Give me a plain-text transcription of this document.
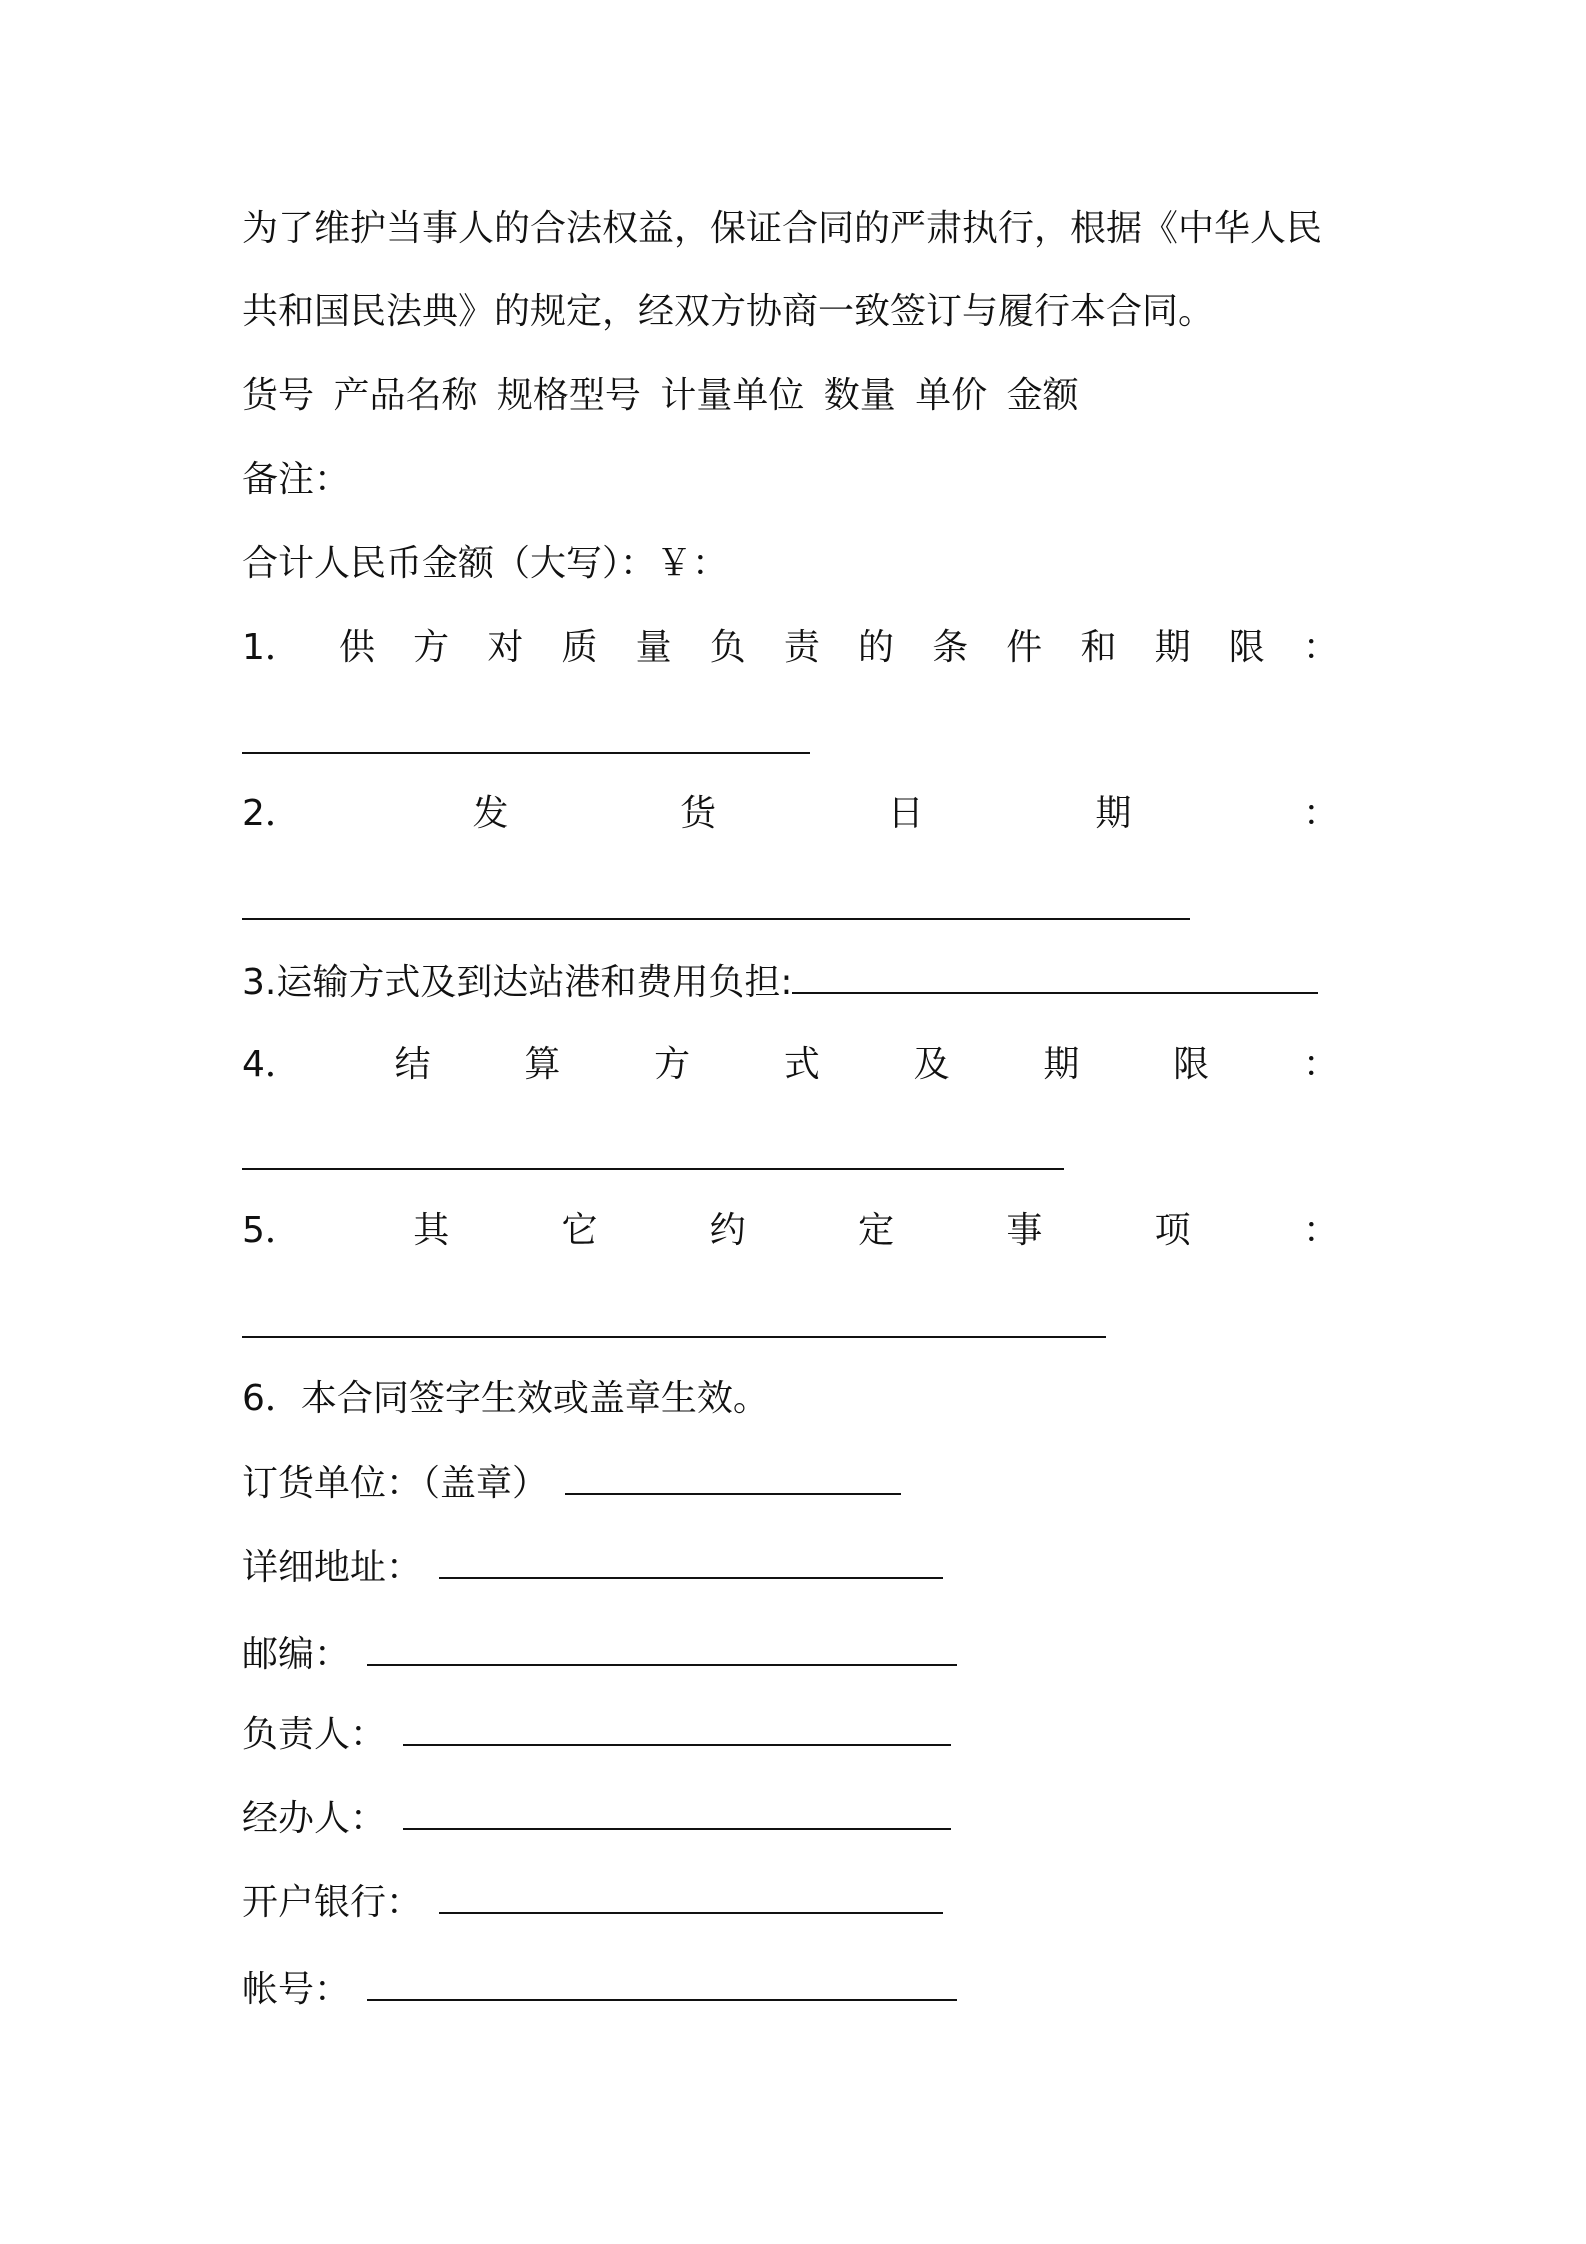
为了维护当事人的合法权益，保证合同的严肃执行，根据《中华人民
共和国民法典》的规定，经双方协商一致签订与履行本合同。
货号 产品名称 规格型号 计量单位 数量 单价 金额
备注：
合计人民币金额（大写）：￥：
1． 供 方 对 质 量 负 责 的 条 件 和 期 限 ：
2．	发	货	日	期	：
3.运输方式及到达站港和费用负担:
4．	结	算	方	式	及	期	限	：
5．	其	它	约	定	事	项	：
6．本合同签字生效或盖章生效。
订货单位：（盖章）
详细地址：
邮编：
负责人：
经办人：
开户银行：
帐号：
